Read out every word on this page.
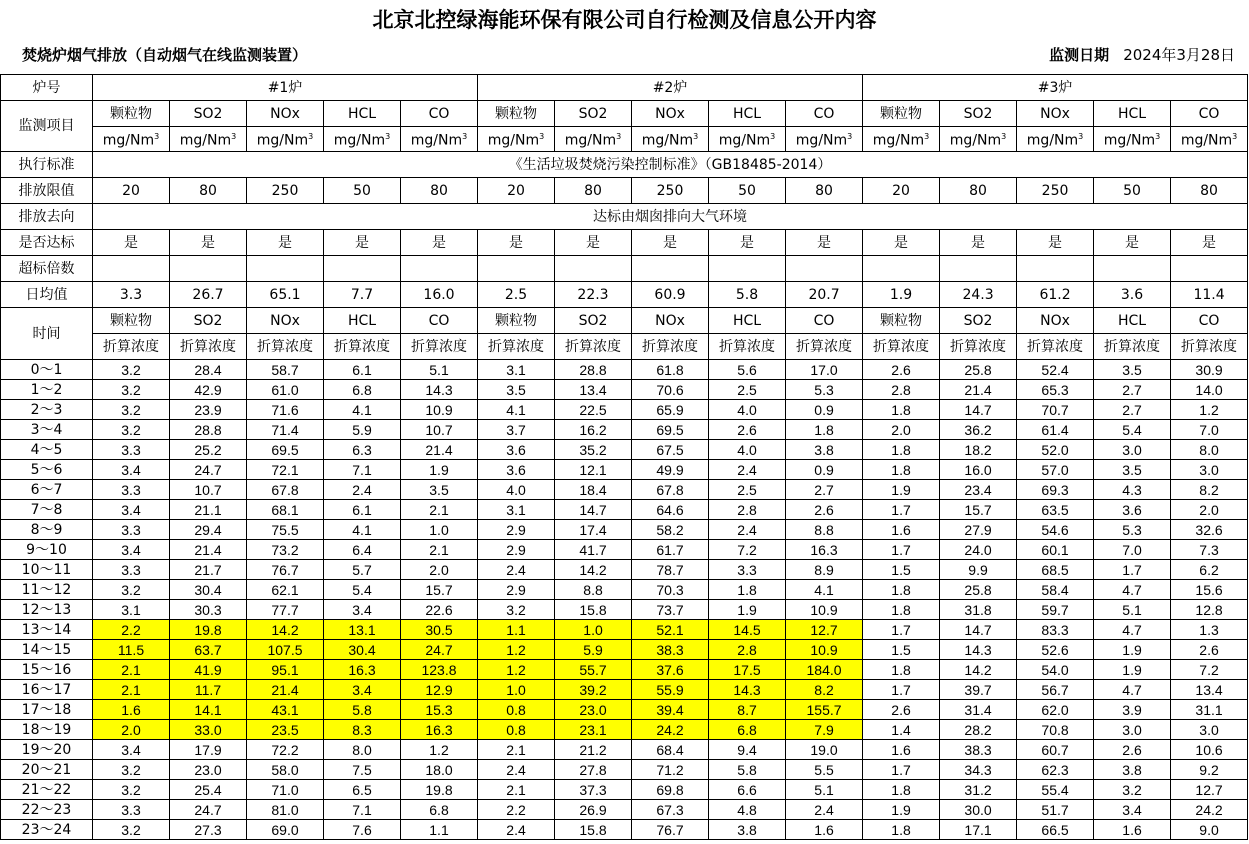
北京北控绿海能环保有限公司自行检测及信息公开内容
焚烧炉烟气排放（自动烟气在线监测装置）	监测日期 2024年3月28日
炉号	#1炉					#2炉					#3炉				
监测项目	颗粒物	SO2	NOx	HCL	CO	颗粒物	SO2	NOx	HCL	CO	颗粒物	SO2	NOx	HCL	CO
	mg/Nm$^3$	mg/Nm$^3$	mg/Nm$^3$	mg/Nm$^3$	mg/Nm$^3$	mg/Nm$^3$	mg/Nm$^3$	mg/Nm$^3$	mg/Nm$^3$	mg/Nm$^3$	mg/Nm$^3$	mg/Nm$^3$	mg/Nm$^3$	mg/Nm$^3$	mg/Nm$^3$
执行标准	《生活垃圾焚烧污染控制标准》（GB18485-2014）														
排放限值	20	80	250	50	80	20	80	250	50	80	20	80	250	50	80
排放去向	达标由烟囱排向大气环境														
是否达标	是	是	是	是	是	是	是	是	是	是	是	是	是	是	是
超标倍数															
日均值	3.3	26.7	65.1	7.7	16.0	2.5	22.3	60.9	5.8	20.7	1.9	24.3	61.2	3.6	11.4
时间	颗粒物	SO2	NOx	HCL	CO	颗粒物	SO2	NOx	HCL	CO	颗粒物	SO2	NOx	HCL	CO
	折算浓度	折算浓度	折算浓度	折算浓度	折算浓度	折算浓度	折算浓度	折算浓度	折算浓度	折算浓度	折算浓度	折算浓度	折算浓度	折算浓度	折算浓度
0～1	3.2	28.4	58.7	6.1	5.1	3.1	28.8	61.8	5.6	17.0	2.6	25.8	52.4	3.5	30.9
1～2	3.2	42.9	61.0	6.8	14.3	3.5	13.4	70.6	2.5	5.3	2.8	21.4	65.3	2.7	14.0
2～3	3.2	23.9	71.6	4.1	10.9	4.1	22.5	65.9	4.0	0.9	1.8	14.7	70.7	2.7	1.2
3～4	3.2	28.8	71.4	5.9	10.7	3.7	16.2	69.5	2.6	1.8	2.0	36.2	61.4	5.4	7.0
4～5	3.3	25.2	69.5	6.3	21.4	3.6	35.2	67.5	4.0	3.8	1.8	18.2	52.0	3.0	8.0
5～6	3.4	24.7	72.1	7.1	1.9	3.6	12.1	49.9	2.4	0.9	1.8	16.0	57.0	3.5	3.0
6～7	3.3	10.7	67.8	2.4	3.5	4.0	18.4	67.8	2.5	2.7	1.9	23.4	69.3	4.3	8.2
7～8	3.4	21.1	68.1	6.1	2.1	3.1	14.7	64.6	2.8	2.6	1.7	15.7	63.5	3.6	2.0
8～9	3.3	29.4	75.5	4.1	1.0	2.9	17.4	58.2	2.4	8.8	1.6	27.9	54.6	5.3	32.6
9～10	3.4	21.4	73.2	6.4	2.1	2.9	41.7	61.7	7.2	16.3	1.7	24.0	60.1	7.0	7.3
10～11	3.3	21.7	76.7	5.7	2.0	2.4	14.2	78.7	3.3	8.9	1.5	9.9	68.5	1.7	6.2
11～12	3.2	30.4	62.1	5.4	15.7	2.9	8.8	70.3	1.8	4.1	1.8	25.8	58.4	4.7	15.6
12～13	3.1	30.3	77.7	3.4	22.6	3.2	15.8	73.7	1.9	10.9	1.8	31.8	59.7	5.1	12.8
13～14	2.2	19.8	14.2	13.1	30.5	1.1	1.0	52.1	14.5	12.7	1.7	14.7	83.3	4.7	1.3
14～15	11.5	63.7	107.5	30.4	24.7	1.2	5.9	38.3	2.8	10.9	1.5	14.3	52.6	1.9	2.6
15～16	2.1	41.9	95.1	16.3	123.8	1.2	55.7	37.6	17.5	184.0	1.8	14.2	54.0	1.9	7.2
16～17	2.1	11.7	21.4	3.4	12.9	1.0	39.2	55.9	14.3	8.2	1.7	39.7	56.7	4.7	13.4
17～18	1.6	14.1	43.1	5.8	15.3	0.8	23.0	39.4	8.7	155.7	2.6	31.4	62.0	3.9	31.1
18～19	2.0	33.0	23.5	8.3	16.3	0.8	23.1	24.2	6.8	7.9	1.4	28.2	70.8	3.0	3.0
19～20	3.4	17.9	72.2	8.0	1.2	2.1	21.2	68.4	9.4	19.0	1.6	38.3	60.7	2.6	10.6
20～21	3.2	23.0	58.0	7.5	18.0	2.4	27.8	71.2	5.8	5.5	1.7	34.3	62.3	3.8	9.2
21～22	3.2	25.4	71.0	6.5	19.8	2.1	37.3	69.8	6.6	5.1	1.8	31.2	55.4	3.2	12.7
22～23	3.3	24.7	81.0	7.1	6.8	2.2	26.9	67.3	4.8	2.4	1.9	30.0	51.7	3.4	24.2
23～24	3.2	27.3	69.0	7.6	1.1	2.4	15.8	76.7	3.8	1.6	1.8	17.1	66.5	1.6	9.0
